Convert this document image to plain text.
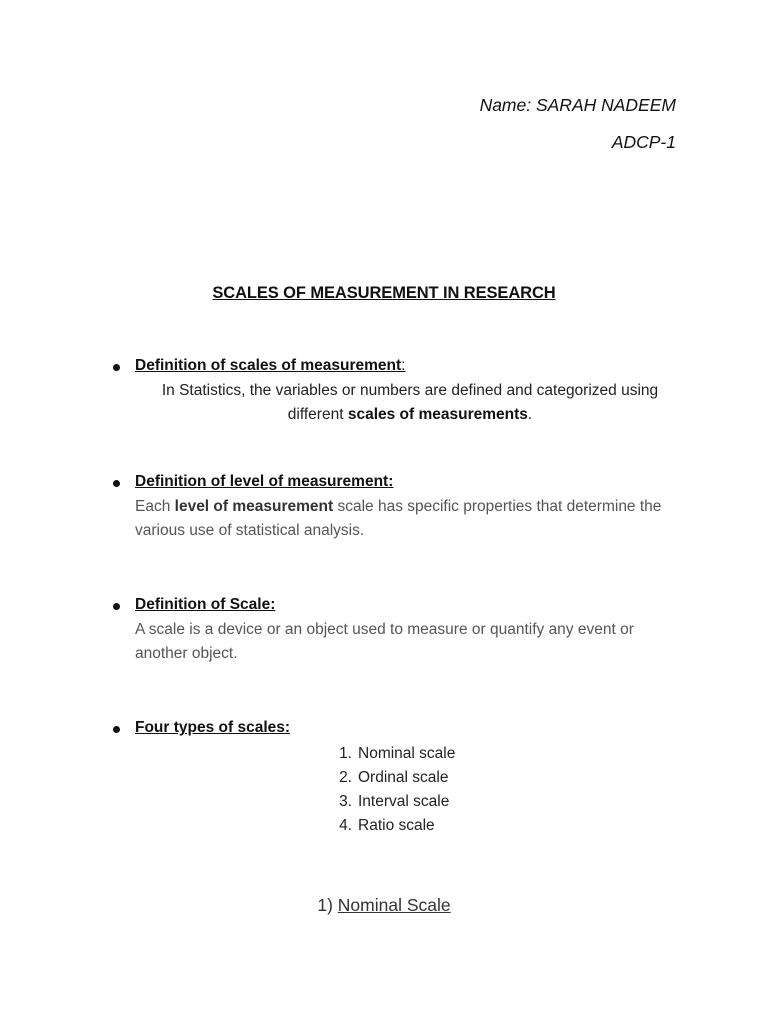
Name: SARAH NADEEM
ADCP-1
SCALES OF MEASUREMENT IN RESEARCH
Definition of scales of measurement:
In Statistics, the variables or numbers are defined and categorized using different scales of measurements.
Definition of level of measurement:
Each level of measurement scale has specific properties that determine the various use of statistical analysis.
Definition of Scale:
A scale is a device or an object used to measure or quantify any event or another object.
Four types of scales:
1. Nominal scale
2. Ordinal scale
3. Interval scale
4. Ratio scale
1) Nominal Scale
